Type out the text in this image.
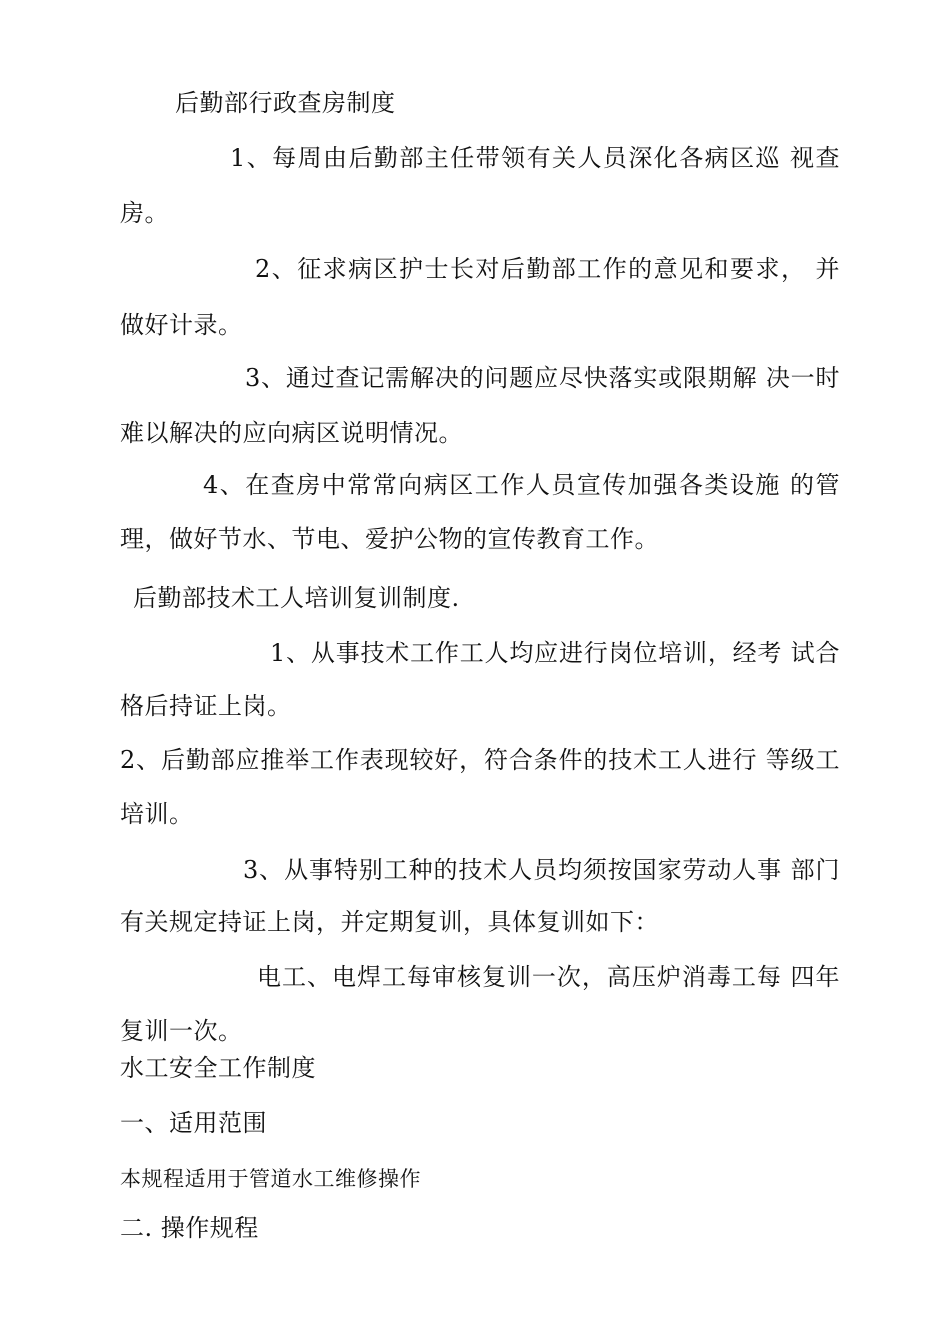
后勤部行政查房制度
1、每周由后勤部主任带领有关人员深化各病区巡 视查
房。
2、征求病区护士长对后勤部工作的意见和要求， 并
做好计录。
3、通过查记需解决的问题应尽快落实或限期解 决一时
难以解决的应向病区说明情况。
4、在查房中常常向病区工作人员宣传加强各类设施 的管
理，做好节水、节电、爱护公物的宣传教育工作。
后勤部技术工人培训复训制度.
1、从事技术工作工人均应进行岗位培训，经考 试合
格后持证上岗。
2、后勤部应推举工作表现较好，符合条件的技术工人进行 等级工
培训。
3、从事特别工种的技术人员均须按国家劳动人事 部门
有关规定持证上岗，并定期复训，具体复训如下：
电工、电焊工每审核复训一次，高压炉消毒工每 四年
复训一次。
水工安全工作制度
一、适用范围
本规程适用于管道水工维修操作
二. 操作规程
